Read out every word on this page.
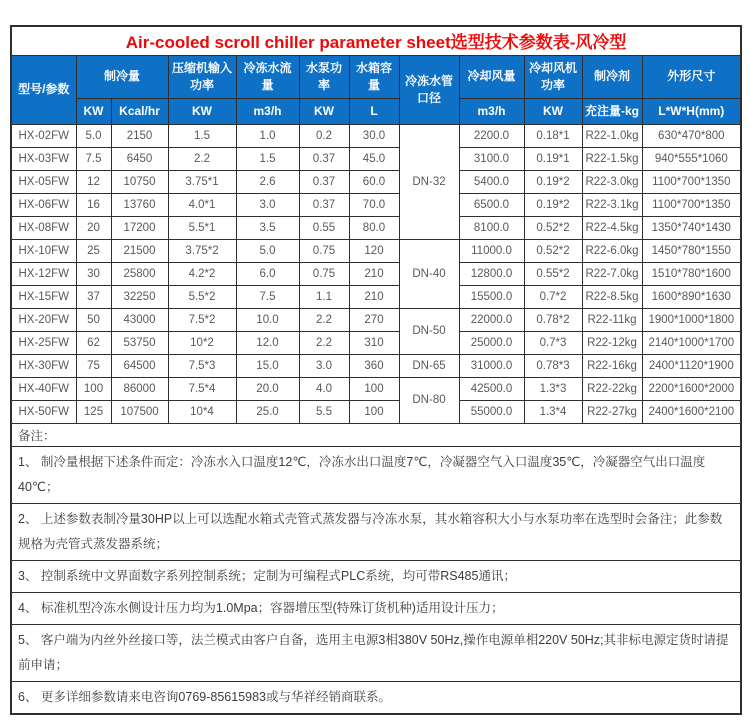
Air-cooled scroll chiller parameter sheet选型技术参数表-风冷型											
型号/参数	制冷量		压缩机输入功率	冷冻水流量	水泵功率	水箱容量	冷冻水管口径	冷却风量	冷却风机功率	制冷剂	外形尺寸
	KW	Kcal/hr	KW	m3/h	KW	L		m3/h	KW	充注量-kg	L*W*H(mm)
HX-02FW	5.0	2150	1.5	1.0	0.2	30.0	DN-32	2200.0	0.18*1	R22-1.0kg	630*470*800
HX-03FW	7.5	6450	2.2	1.5	0.37	45.0		3100.0	0.19*1	R22-1.5kg	940*555*1060
HX-05FW	12	10750	3.75*1	2.6	0.37	60.0		5400.0	0.19*2	R22-3.0kg	1100*700*1350
HX-06FW	16	13760	4.0*1	3.0	0.37	70.0		6500.0	0.19*2	R22-3.1kg	1100*700*1350
HX-08FW	20	17200	5.5*1	3.5	0.55	80.0		8100.0	0.52*2	R22-4.5kg	1350*740*1430
HX-10FW	25	21500	3.75*2	5.0	0.75	120	DN-40	11000.0	0.52*2	R22-6.0kg	1450*780*1550
HX-12FW	30	25800	4.2*2	6.0	0.75	210		12800.0	0.55*2	R22-7.0kg	1510*780*1600
HX-15FW	37	32250	5.5*2	7.5	1.1	210		15500.0	0.7*2	R22-8.5kg	1600*890*1630
HX-20FW	50	43000	7.5*2	10.0	2.2	270	DN-50	22000.0	0.78*2	R22-11kg	1900*1000*1800
HX-25FW	62	53750	10*2	12.0	2.2	310		25000.0	0.7*3	R22-12kg	2140*1000*1700
HX-30FW	75	64500	7.5*3	15.0	3.0	360	DN-65	31000.0	0.78*3	R22-16kg	2400*1120*1900
HX-40FW	100	86000	7.5*4	20.0	4.0	100	DN-80	42500.0	1.3*3	R22-22kg	2200*1600*2000
HX-50FW	125	107500	10*4	25.0	5.5	100		55000.0	1.3*4	R22-27kg	2400*1600*2100
备注：											
1、 制冷量根据下述条件而定：冷冻水入口温度12℃，冷冻水出口温度7℃，冷凝器空气入口温度35℃，冷凝器空气出口温度40℃；											
2、 上述参数表制冷量30HP以上可以选配水箱式壳管式蒸发器与冷冻水泵，其水箱容积大小与水泵功率在选型时会备注；此参数规格为壳管式蒸发器系统；											
3、 控制系统中文界面数字系列控制系统；定制为可编程式PLC系统，均可带RS485通讯；											
4、 标准机型冷冻水侧设计压力均为1.0Mpa；容器增压型(特殊订货机种)适用设计压力；											
5、 客户端为内丝外丝接口等，法兰模式由客户自备，选用主电源3相380V 50Hz,操作电源单相220V 50Hz;其非标电源定货时请提前申请；											
6、 更多详细参数请来电咨询0769-85615983或与华祥经销商联系。											
